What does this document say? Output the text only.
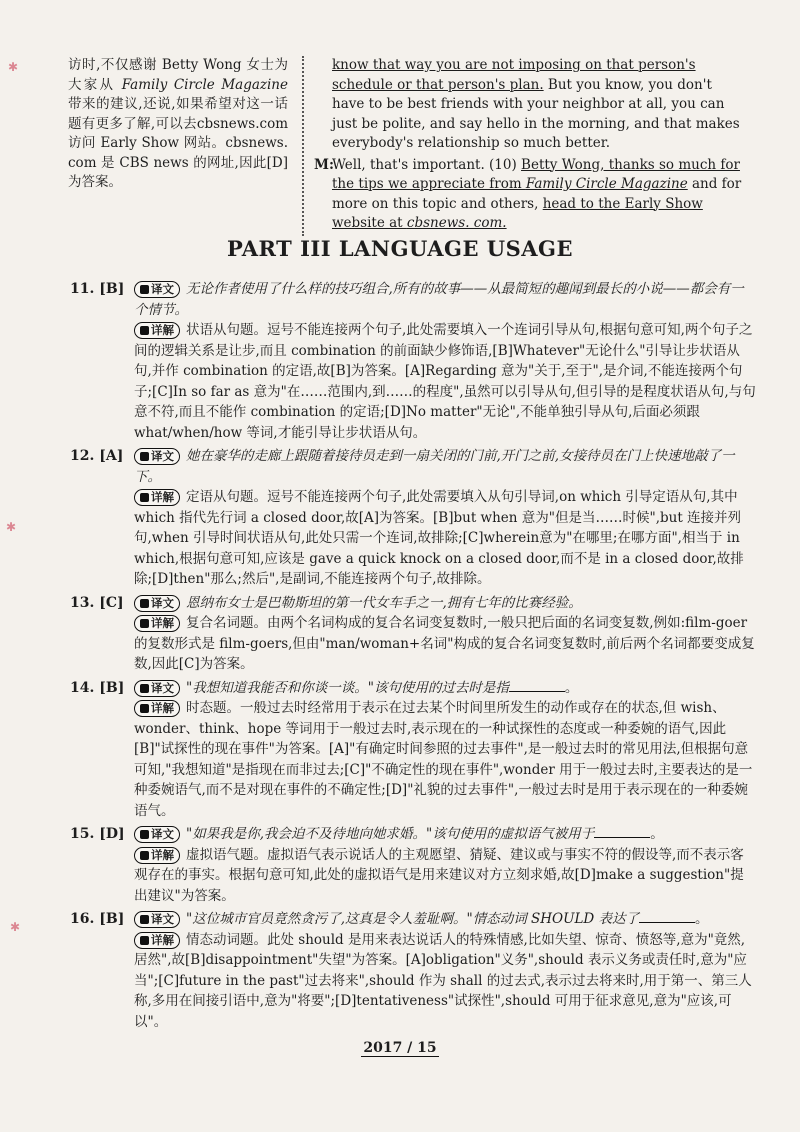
✱
✱
✱
访时,不仅感谢 Betty Wong 女士为大家从 Family Circle Magazine 带来的建议,还说,如果希望对这一话题有更多了解,可以去cbsnews.com访问 Early Show 网站。cbsnews. com 是 CBS news 的网址,因此[D]为答案。

know that way you are not imposing on that person's schedule or that person's plan. But you know, you don't have to be best friends with your neighbor at all, you can just be polite, and say hello in the morning, and that makes everybody's relationship so much better.

M:
Well, that's important. (10) Betty Wong, thanks so much for the tips we appreciate from Family Circle Magazine and for more on this topic and others, head to the Early Show website at cbsnews. com.
PART III LANGUAGE USAGE
11. [B]	译文 无论作者使用了什么样的技巧组合,所有的故事——从最简短的趣闻到最长的小说——都会有一个情节。
详解 状语从句题。逗号不能连接两个句子,此处需要填入一个连词引导从句,根据句意可知,两个句子之间的逻辑关系是让步,而且 combination 的前面缺少修饰语,[B]Whatever"无论什么"引导让步状语从句,并作 combination 的定语,故[B]为答案。[A]Regarding 意为"关于,至于",是介词,不能连接两个句子;[C]In so far as 意为"在……范围内,到……的程度",虽然可以引导从句,但引导的是程度状语从句,与句意不符,而且不能作 combination 的定语;[D]No matter"无论",不能单独引导从句,后面必须跟 what/when/how 等词,才能引导让步状语从句。
12. [A]	译文 她在豪华的走廊上跟随着接待员走到一扇关闭的门前,开门之前,女接待员在门上快速地敲了一下。
详解 定语从句题。逗号不能连接两个句子,此处需要填入从句引导词,on which 引导定语从句,其中 which 指代先行词 a closed door,故[A]为答案。[B]but when 意为"但是当……时候",but 连接并列句,when 引导时间状语从句,此处只需一个连词,故排除;[C]wherein意为"在哪里;在哪方面",相当于 in which,根据句意可知,应该是 gave a quick knock on a closed door,而不是 in a closed door,故排除;[D]then"那么;然后",是副词,不能连接两个句子,故排除。
13. [C]	译文 恩纳布女士是巴勒斯坦的第一代女车手之一,拥有七年的比赛经验。
详解 复合名词题。由两个名词构成的复合名词变复数时,一般只把后面的名词变复数,例如:film-goer 的复数形式是 film-goers,但由"man/woman+名词"构成的复合名词变复数时,前后两个名词都要变成复数,因此[C]为答案。
14. [B]	译文 "我想知道我能否和你谈一谈。"该句使用的过去时是指	。
详解 时态题。一般过去时经常用于表示在过去某个时间里所发生的动作或存在的状态,但 wish、wonder、think、hope 等词用于一般过去时,表示现在的一种试探性的态度或一种委婉的语气,因此[B]"试探性的现在事件"为答案。[A]"有确定时间参照的过去事件",是一般过去时的常见用法,但根据句意可知,"我想知道"是指现在而非过去;[C]"不确定性的现在事件",wonder 用于一般过去时,主要表达的是一种委婉语气,而不是对现在事件的不确定性;[D]"礼貌的过去事件",一般过去时是用于表示现在的一种委婉语气。
15. [D]	译文 "如果我是你,我会迫不及待地向她求婚。"该句使用的虚拟语气被用于	。
详解 虚拟语气题。虚拟语气表示说话人的主观愿望、猜疑、建议或与事实不符的假设等,而不表示客观存在的事实。根据句意可知,此处的虚拟语气是用来建议对方立刻求婚,故[D]make a suggestion"提出建议"为答案。
16. [B]	译文 "这位城市官员竟然贪污了,这真是令人羞耻啊。"情态动词 SHOULD 表达了	。
详解 情态动词题。此处 should 是用来表达说话人的特殊情感,比如失望、惊奇、愤怒等,意为"竟然,居然",故[B]disappointment"失望"为答案。[A]obligation"义务",should 表示义务或责任时,意为"应当";[C]future in the past"过去将来",should 作为 shall 的过去式,表示过去将来时,用于第一、第三人称,多用在间接引语中,意为"将要";[D]tentativeness"试探性",should 可用于征求意见,意为"应该,可以"。
2017 / 15
